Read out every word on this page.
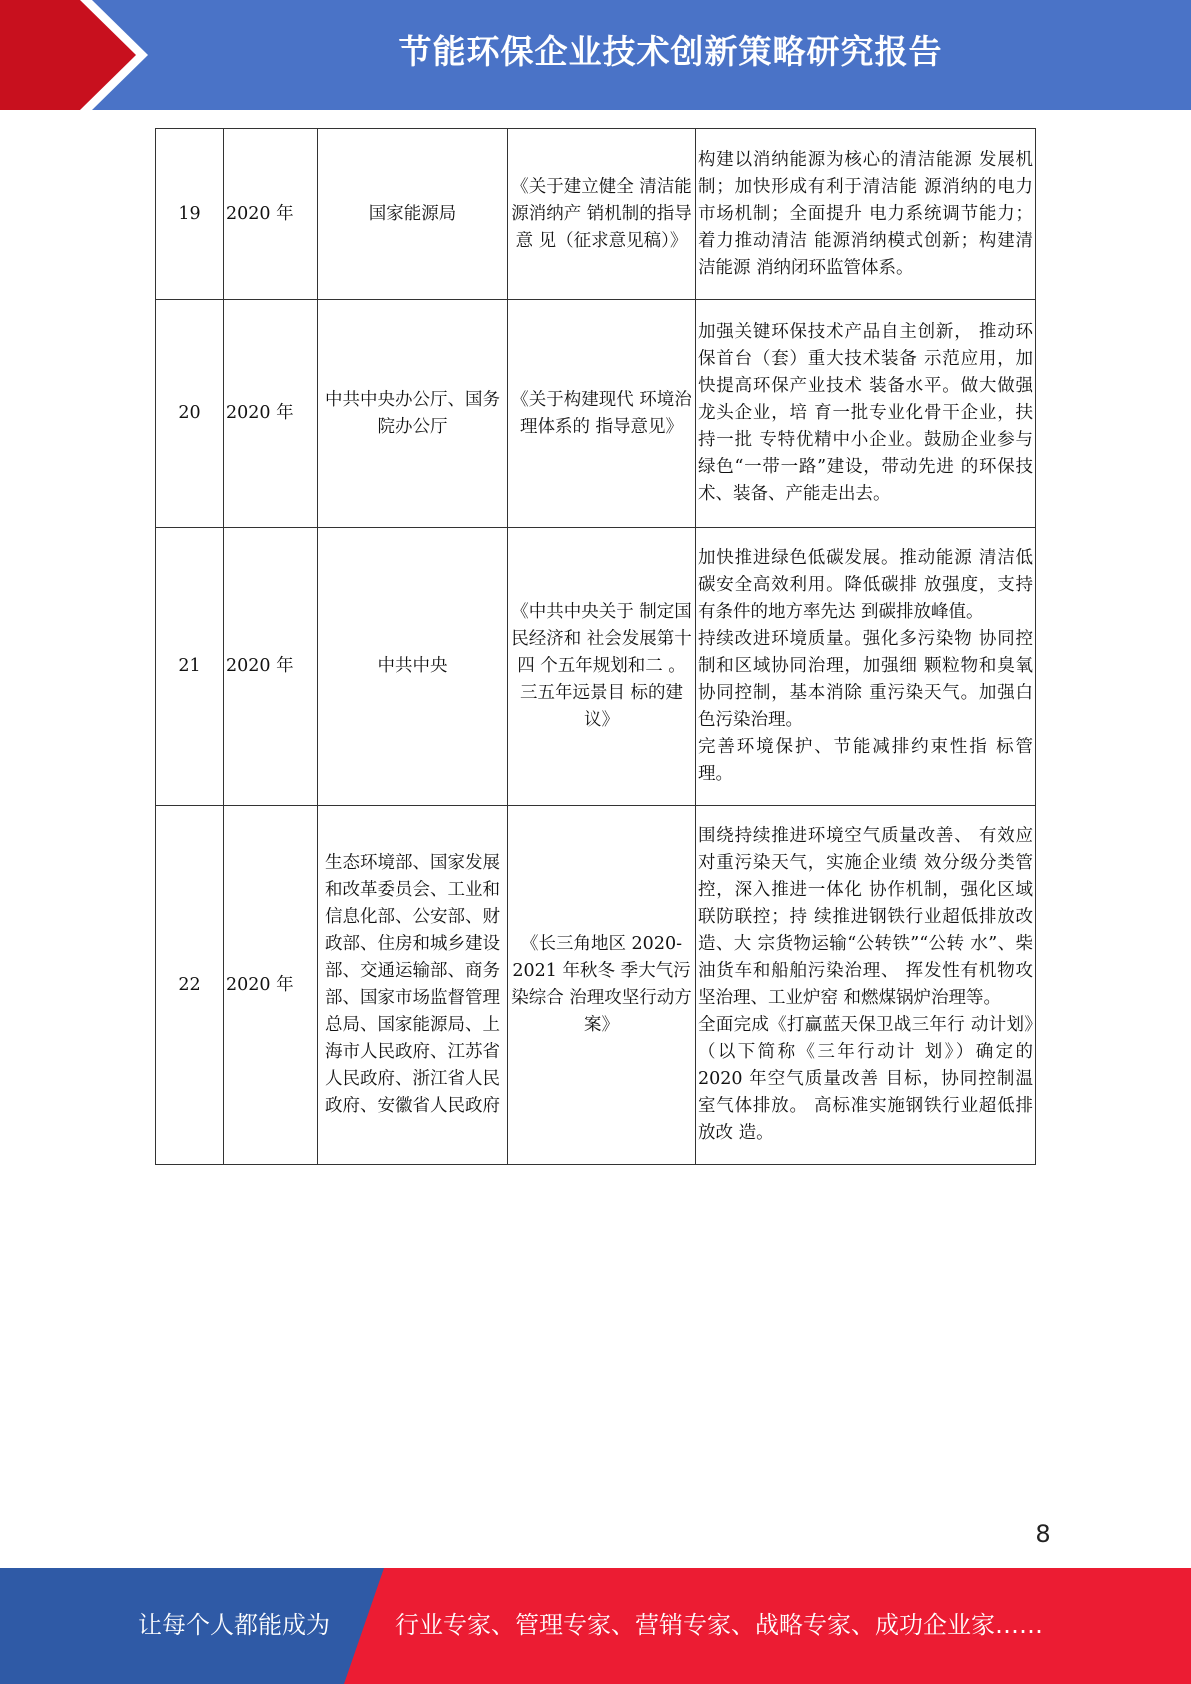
节能环保企业技术创新策略研究报告
19	2020 年	国家能源局	《关于建立健全 清洁能源消纳产 销机制的指导意 见（征求意见稿）》	构建以消纳能源为核心的清洁能源 发展机制；加快形成有利于清洁能 源消纳的电力市场机制；全面提升 电力系统调节能力；着力推动清洁 能源消纳模式创新；构建清洁能源 消纳闭环监管体系。

20	2020 年	中共中央办公厅、国务院办公厅	《关于构建现代 环境治理体系的 指导意见》	加强关键环保技术产品自主创新， 推动环保首台（套）重大技术装备 示范应用，加快提高环保产业技术 装备水平。做大做强龙头企业，培 育一批专业化骨干企业，扶持一批 专特优精中小企业。鼓励企业参与 绿色“一带一路”建设，带动先进 的环保技术、装备、产能走出去。

21	2020 年	中共中央	《中共中央关于 制定国民经济和 社会发展第十四 个五年规划和二 。三五年远景目 标的建议》	加快推进绿色低碳发展。推动能源 清洁低碳安全高效利用。降低碳排 放强度，支持有条件的地方率先达 到碳排放峰值。
持续改进环境质量。强化多污染物 协同控制和区域协同治理，加强细 颗粒物和臭氧协同控制，基本消除 重污染天气。加强白色污染治理。
完善环境保护、节能减排约束性指 标管理。

22	2020 年	生态环境部、国家发展和改革委员会、工业和信息化部、公安部、财政部、住房和城乡建设部、交通运输部、商务部、国家市场监督管理总局、国家能源局、上海市人民政府、江苏省人民政府、浙江省人民政府、安徽省人民政府	《长三角地区 2020-2021 年秋冬 季大气污染综合 治理攻坚行动方 案》	围绕持续推进环境空气质量改善、 有效应对重污染天气，实施企业绩 效分级分类管控，深入推进一体化 协作机制，强化区域联防联控；持 续推进钢铁行业超低排放改造、大 宗货物运输“公转铁”“公转 水”、柴油货车和船舶污染治理、 挥发性有机物攻坚治理、工业炉窑 和燃煤锅炉治理等。
全面完成《打赢蓝天保卫战三年行 动计划》（以下简称《三年行动计 划》）确定的 2020 年空气质量改善 目标，协同控制温室气体排放。 高标准实施钢铁行业超低排放改 造。
8
让每个人都能成为	行业专家、管理专家、营销专家、战略专家、成功企业家……
